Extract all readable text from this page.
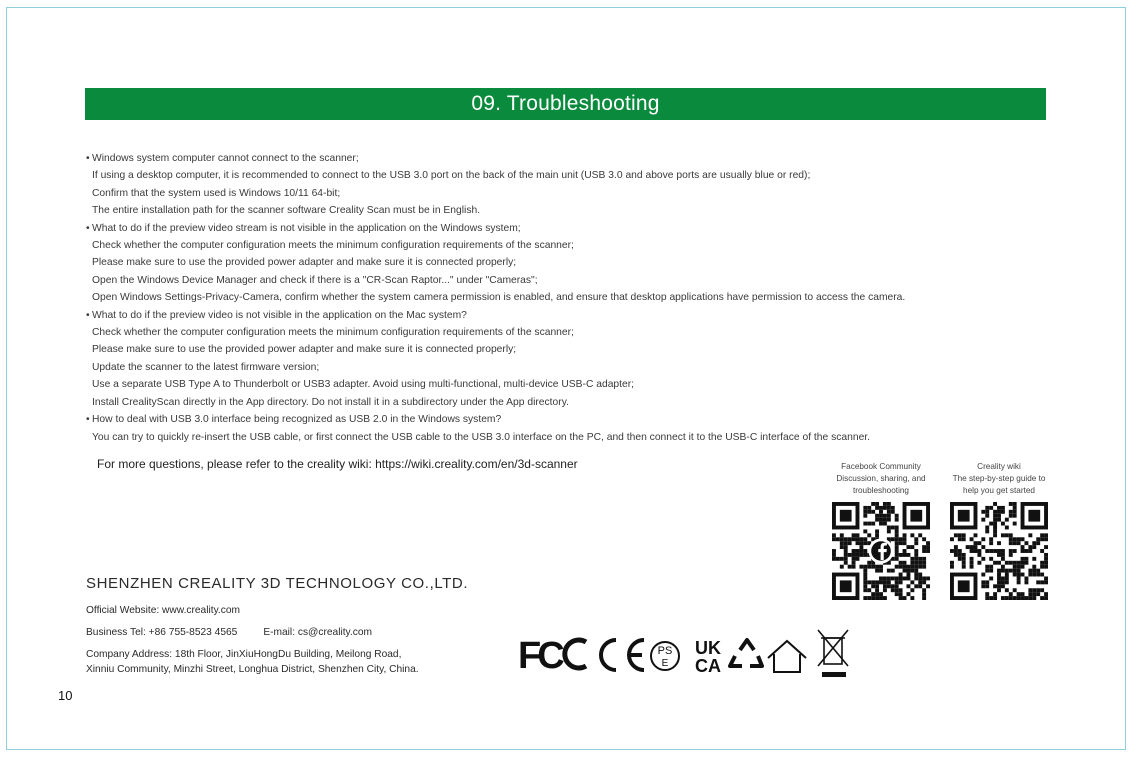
09. Troubleshooting
• Windows system computer cannot connect to the scanner;
If using a desktop computer, it is recommended to connect to the USB 3.0 port on the back of the main unit (USB 3.0 and above ports are usually blue or red);
Confirm that the system used is Windows 10/11 64-bit;
The entire installation path for the scanner software Creality Scan must be in English.
• What to do if the preview video stream is not visible in the application on the Windows system;
Check whether the computer configuration meets the minimum configuration requirements of the scanner;
Please make sure to use the provided power adapter and make sure it is connected properly;
Open the Windows Device Manager and check if there is a "CR-Scan Raptor..." under "Cameras";
Open Windows Settings-Privacy-Camera, confirm whether the system camera permission is enabled, and ensure that desktop applications have permission to access the camera.
• What to do if the preview video is not visible in the application on the Mac system?
Check whether the computer configuration meets the minimum configuration requirements of the scanner;
Please make sure to use the provided power adapter and make sure it is connected properly;
Update the scanner to the latest firmware version;
Use a separate USB Type A to Thunderbolt or USB3 adapter. Avoid using multi-functional, multi-device USB-C adapter;
Install CrealityScan directly in the App directory. Do not install it in a subdirectory under the App directory.
• How to deal with USB 3.0 interface being recognized as USB 2.0 in the Windows system?
You can try to quickly re-insert the USB cable, or first connect the USB cable to the USB 3.0 interface on the PC, and then connect it to the USB-C interface of the scanner.
For more questions, please refer to the creality wiki: https://wiki.creality.com/en/3d-scanner	Facebook Community
Discussion, sharing, and
troubleshooting
Creality wiki
The step-by-step guide to
help you get started
SHENZHEN CREALITY 3D TECHNOLOGY CO.,LTD.
Official Website: www.creality.com
Business Tel: +86 755-8523 4565	E-mail: cs@creality.com
Company Address: 18th Floor, JinXiuHongDu Building, Meilong Road,
Xinniu Community, Minzhi Street, Longhua District, Shenzhen City, China.	FC	PS
E
UK
CA
10
